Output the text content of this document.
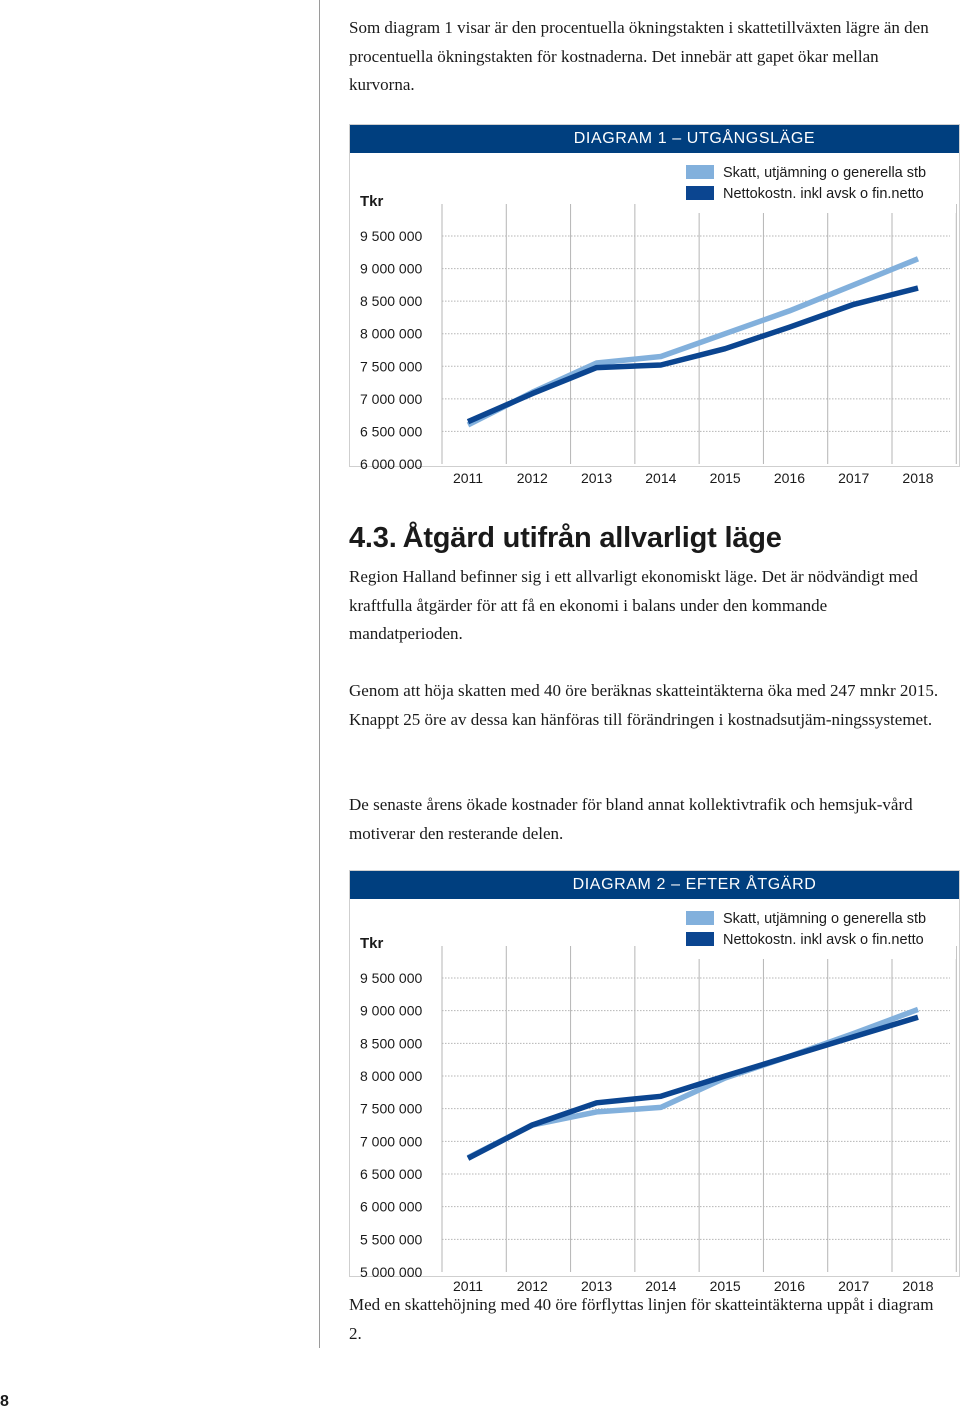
Som diagram 1 visar är den procentuella ökningstakten i skattetillväxten lägre än den procentuella ökningstakten för kostnaderna. Det innebär att gapet ökar mellan kurvorna.

DIAGRAM 1 – UTGÅNGSLÄGE
6 000 000
6 500 000
7 000 000
7 500 000
8 000 000
8 500 000
9 000 000
9 500 000
2011 2012 2013 2014 2015 2016 2017 2018
Tkr
Skatt, utjämning o generella stb
Nettokostn. inkl avsk o fin.netto
4.3. Åtgärd utifrån allvarligt läge

Region Halland befinner sig i ett allvarligt ekonomiskt läge. Det är nödvändigt med kraftfulla åtgärder för att få en ekonomi i balans under den kommande mandatperioden.

Genom att höja skatten med 40 öre beräknas skatteintäkterna öka med 247 mnkr 2015. Knappt 25 öre av dessa kan hänföras till förändringen i kostnadsutjäm-ningssystemet.

De senaste årens ökade kostnader för bland annat kollektivtrafik och hemsjuk-vård motiverar den resterande delen.

DIAGRAM 2 – EFTER ÅTGÄRD
5 000 000
5 500 000
6 000 000
6 500 000
7 000 000
7 500 000
8 000 000
8 500 000
9 000 000
9 500 000
2011 2012 2013 2014 2015 2016 2017 2018
Tkr
Skatt, utjämning o generella stb
Nettokostn. inkl avsk o fin.netto

Med en skattehöjning med 40 öre förflyttas linjen för skatteintäkterna uppåt i diagram 2.

8
